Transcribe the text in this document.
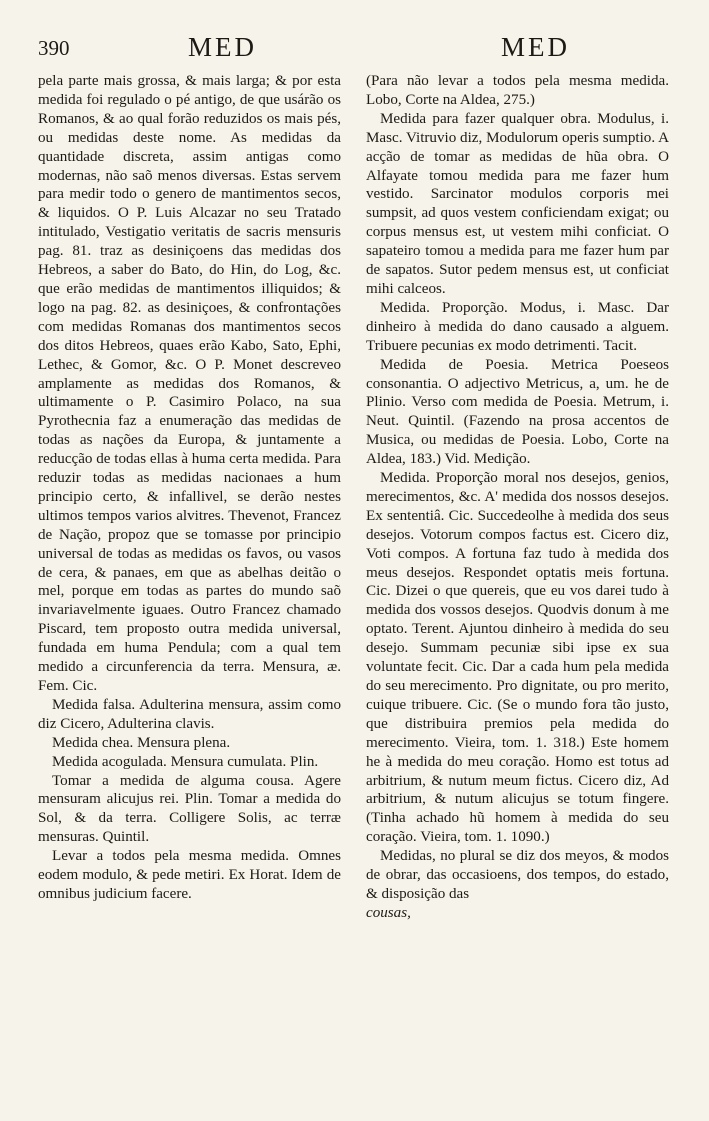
390	MED	MED

pela parte mais grossa, & mais larga; & por esta medida foi regulado o pé antigo, de que usárão os Romanos, & ao qual forão reduzidos os mais pés, ou medidas deste nome. As medidas da quantidade discreta, assim antigas como modernas, não saõ menos diversas. Estas servem para medir todo o genero de mantimentos secos, & liquidos. O P. Luis Alcazar no seu Tratado intitulado, Vestigatio veritatis de sacris mensuris pag. 81. traz as desiniçoens das medidas dos Hebreos, a saber do Bato, do Hin, do Log, &c. que erão medidas de mantimentos illiquidos; & logo na pag. 82. as desiniçoes, & confrontações com medidas Romanas dos mantimentos secos dos ditos Hebreos, quaes erão Kabo, Sato, Ephi, Lethec, & Gomor, &c. O P. Monet descreveo amplamente as medidas dos Romanos, & ultimamente o P. Casimiro Polaco, na sua Pyrothecnia faz a enumeração das medidas de todas as nações da Europa, & juntamente a reducção de todas ellas à huma certa medida. Para reduzir todas as medidas nacionaes a hum principio certo, & infallivel, se derão nestes ultimos tempos varios alvitres. Thevenot, Francez de Nação, propoz que se tomasse por principio universal de todas as medidas os favos, ou vasos de cera, & panaes, em que as abelhas deitão o mel, porque em todas as partes do mundo saõ invariavelmente iguaes. Outro Francez chamado Piscard, tem proposto outra medida universal, fundada em huma Pendula; com a qual tem medido a circunferencia da terra. Mensura, æ. Fem. Cic.

Medida falsa. Adulterina mensura, assim como diz Cicero, Adulterina clavis.

Medida chea. Mensura plena.

Medida acogulada. Mensura cumulata. Plin.

Tomar a medida de alguma cousa. Agere mensuram alicujus rei. Plin. Tomar a medida do Sol, & da terra. Colligere Solis, ac terræ mensuras. Quintil.

Levar a todos pela mesma medida. Omnes eodem modulo, & pede metiri. Ex Horat. Idem de omnibus judicium facere.

(Para não levar a todos pela mesma medida. Lobo, Corte na Aldea, 275.)

Medida para fazer qualquer obra. Modulus, i. Masc. Vitruvio diz, Modulorum operis sumptio. A acção de tomar as medidas de hũa obra. O Alfayate tomou medida para me fazer hum vestido. Sarcinator modulos corporis mei sumpsit, ad quos vestem conficiendam exigat; ou corpus mensus est, ut vestem mihi conficiat. O sapateiro tomou a medida para me fazer hum par de sapatos. Sutor pedem mensus est, ut conficiat mihi calceos.

Medida. Proporção. Modus, i. Masc. Dar dinheiro à medida do dano causado a alguem. Tribuere pecunias ex modo detrimenti. Tacit.

Medida de Poesia. Metrica Poeseos consonantia. O adjectivo Metricus, a, um. he de Plinio. Verso com medida de Poesia. Metrum, i. Neut. Quintil. (Fazendo na prosa accentos de Musica, ou medidas de Poesia. Lobo, Corte na Aldea, 183.) Vid. Medição.

Medida. Proporção moral nos desejos, genios, merecimentos, &c. A' medida dos nossos desejos. Ex sententiâ. Cic. Succedeolhe à medida dos seus desejos. Votorum compos factus est. Cicero diz, Voti compos. A fortuna faz tudo à medida dos meus desejos. Respondet optatis meis fortuna. Cic. Dizei o que quereis, que eu vos darei tudo à medida dos vossos desejos. Quodvis donum à me optato. Terent. Ajuntou dinheiro à medida do seu desejo. Summam pecuniæ sibi ipse ex sua voluntate fecit. Cic. Dar a cada hum pela medida do seu merecimento. Pro dignitate, ou pro merito, cuique tribuere. Cic. (Se o mundo fora tão justo, que distribuira premios pela medida do merecimento. Vieira, tom. 1. 318.) Este homem he à medida do meu coração. Homo est totus ad arbitrium, & nutum meum fictus. Cicero diz, Ad arbitrium, & nutum alicujus se totum fingere. (Tinha achado hũ homem à medida do seu coração. Vieira, tom. 1. 1090.)

Medidas, no plural se diz dos meyos, & modos de obrar, das occasioens, dos tempos, do estado, & disposição das

cousas,
